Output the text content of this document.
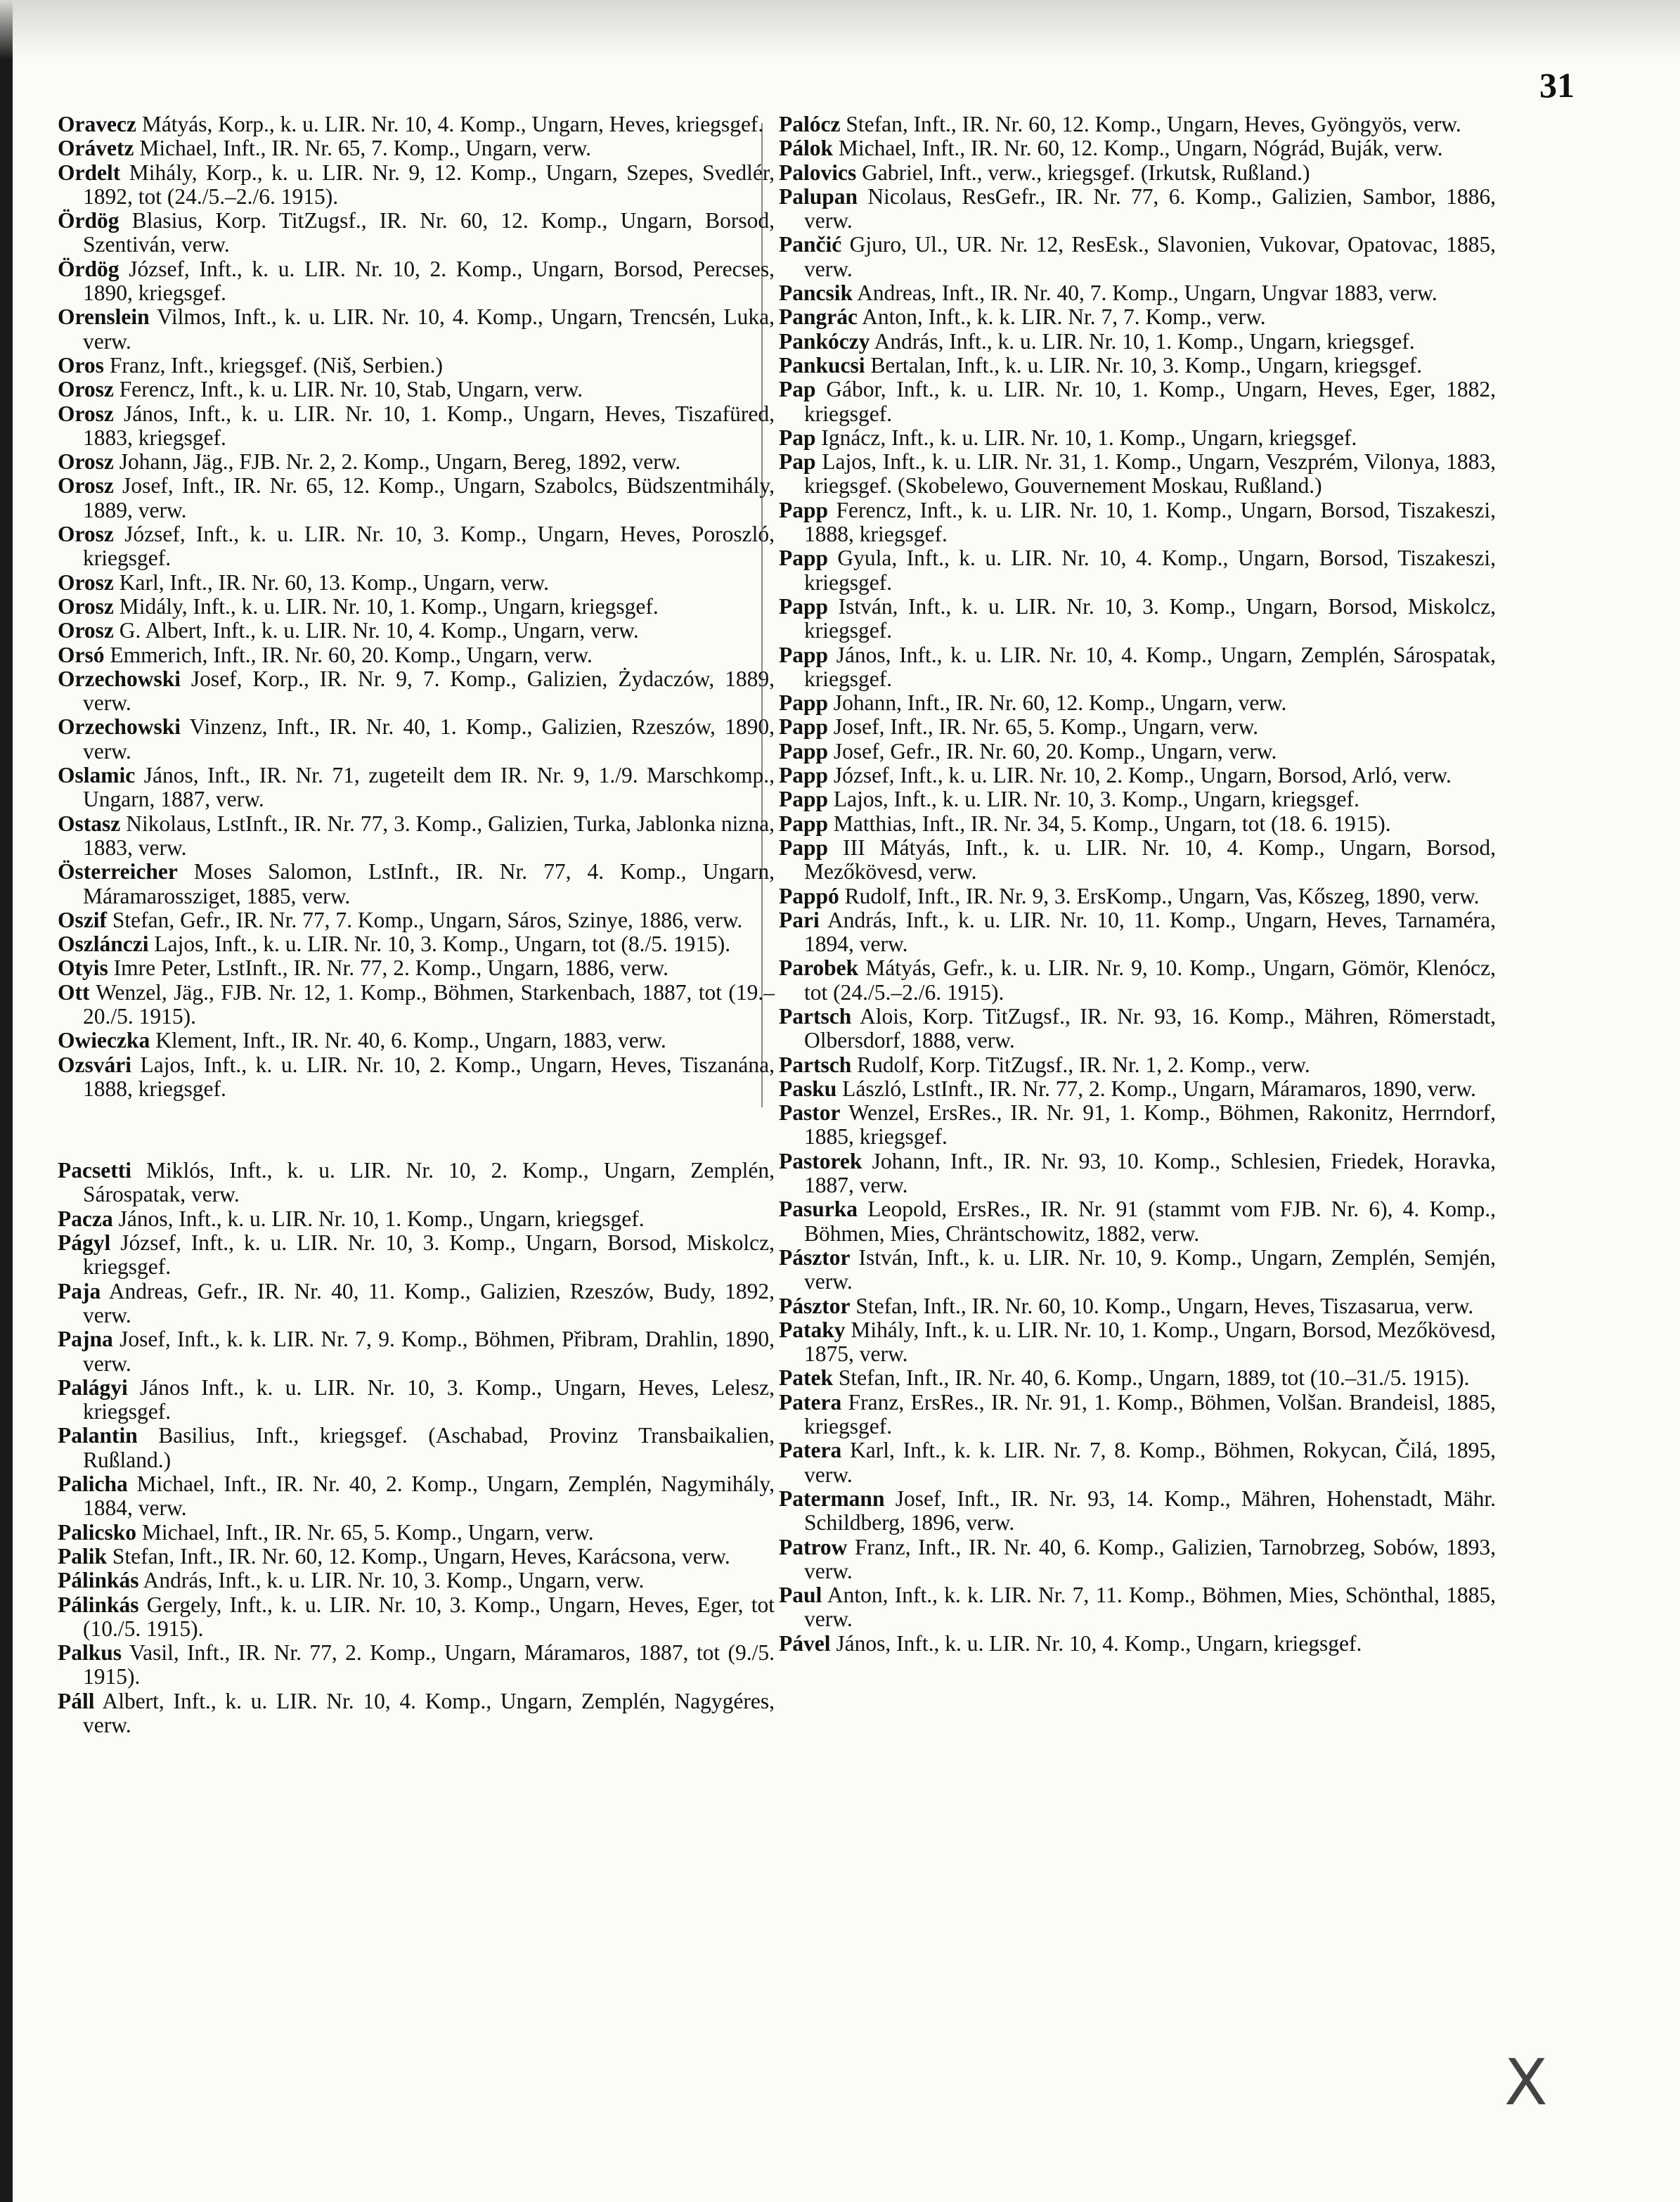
31
Oravecz Mátyás, Korp., k. u. LIR. Nr. 10, 4. Komp., Ungarn, Heves, kriegsgef.
Orávetz Michael, Inft., IR. Nr. 65, 7. Komp., Ungarn, verw.
Ordelt Mihály, Korp., k. u. LIR. Nr. 9, 12. Komp., Ungarn, Szepes, Svedlér, 1892, tot (24./5.–2./6. 1915).
Ördög Blasius, Korp. TitZugsf., IR. Nr. 60, 12. Komp., Ungarn, Borsod, Szentiván, verw.
Ördög József, Inft., k. u. LIR. Nr. 10, 2. Komp., Ungarn, Borsod, Perecses, 1890, kriegsgef.
Orenslein Vilmos, Inft., k. u. LIR. Nr. 10, 4. Komp., Ungarn, Trencsén, Luka, verw.
Oros Franz, Inft., kriegsgef. (Niš, Serbien.)
Orosz Ferencz, Inft., k. u. LIR. Nr. 10, Stab, Ungarn, verw.
Orosz János, Inft., k. u. LIR. Nr. 10, 1. Komp., Ungarn, Heves, Tiszafüred, 1883, kriegsgef.
Orosz Johann, Jäg., FJB. Nr. 2, 2. Komp., Ungarn, Bereg, 1892, verw.
Orosz Josef, Inft., IR. Nr. 65, 12. Komp., Ungarn, Szabolcs, Büdszentmihály, 1889, verw.
Orosz József, Inft., k. u. LIR. Nr. 10, 3. Komp., Ungarn, Heves, Poroszló, kriegsgef.
Orosz Karl, Inft., IR. Nr. 60, 13. Komp., Ungarn, verw.
Orosz Midály, Inft., k. u. LIR. Nr. 10, 1. Komp., Ungarn, kriegsgef.
Orosz G. Albert, Inft., k. u. LIR. Nr. 10, 4. Komp., Ungarn, verw.
Orsó Emmerich, Inft., IR. Nr. 60, 20. Komp., Ungarn, verw.
Orzechowski Josef, Korp., IR. Nr. 9, 7. Komp., Galizien, Żydaczów, 1889, verw.
Orzechowski Vinzenz, Inft., IR. Nr. 40, 1. Komp., Galizien, Rzeszów, 1890, verw.
Oslamic János, Inft., IR. Nr. 71, zugeteilt dem IR. Nr. 9, 1./9. Marschkomp., Ungarn, 1887, verw.
Ostasz Nikolaus, LstInft., IR. Nr. 77, 3. Komp., Galizien, Turka, Jablonka nizna, 1883, verw.
Österreicher Moses Salomon, LstInft., IR. Nr. 77, 4. Komp., Ungarn, Máramarossziget, 1885, verw.
Oszif Stefan, Gefr., IR. Nr. 77, 7. Komp., Ungarn, Sáros, Szinye, 1886, verw.
Oszlánczi Lajos, Inft., k. u. LIR. Nr. 10, 3. Komp., Ungarn, tot (8./5. 1915).
Otyis Imre Peter, LstInft., IR. Nr. 77, 2. Komp., Ungarn, 1886, verw.
Ott Wenzel, Jäg., FJB. Nr. 12, 1. Komp., Böhmen, Starkenbach, 1887, tot (19.–20./5. 1915).
Owieczka Klement, Inft., IR. Nr. 40, 6. Komp., Ungarn, 1883, verw.
Ozsvári Lajos, Inft., k. u. LIR. Nr. 10, 2. Komp., Ungarn, Heves, Tiszanána, 1888, kriegsgef.
Pacsetti Miklós, Inft., k. u. LIR. Nr. 10, 2. Komp., Ungarn, Zemplén, Sárospatak, verw.
Pacza János, Inft., k. u. LIR. Nr. 10, 1. Komp., Ungarn, kriegsgef.
Págyl József, Inft., k. u. LIR. Nr. 10, 3. Komp., Ungarn, Borsod, Miskolcz, kriegsgef.
Paja Andreas, Gefr., IR. Nr. 40, 11. Komp., Galizien, Rzeszów, Budy, 1892, verw.
Pajna Josef, Inft., k. k. LIR. Nr. 7, 9. Komp., Böhmen, Přibram, Drahlin, 1890, verw.
Palágyi János Inft., k. u. LIR. Nr. 10, 3. Komp., Ungarn, Heves, Lelesz, kriegsgef.
Palantin Basilius, Inft., kriegsgef. (Aschabad, Provinz Transbaikalien, Rußland.)
Palicha Michael, Inft., IR. Nr. 40, 2. Komp., Ungarn, Zemplén, Nagymihály, 1884, verw.
Palicsko Michael, Inft., IR. Nr. 65, 5. Komp., Ungarn, verw.
Palik Stefan, Inft., IR. Nr. 60, 12. Komp., Ungarn, Heves, Karácsona, verw.
Pálinkás András, Inft., k. u. LIR. Nr. 10, 3. Komp., Ungarn, verw.
Pálinkás Gergely, Inft., k. u. LIR. Nr. 10, 3. Komp., Ungarn, Heves, Eger, tot (10./5. 1915).
Palkus Vasil, Inft., IR. Nr. 77, 2. Komp., Ungarn, Máramaros, 1887, tot (9./5. 1915).
Páll Albert, Inft., k. u. LIR. Nr. 10, 4. Komp., Ungarn, Zemplén, Nagygéres, verw.
Palócz Stefan, Inft., IR. Nr. 60, 12. Komp., Ungarn, Heves, Gyöngyös, verw.
Pálok Michael, Inft., IR. Nr. 60, 12. Komp., Ungarn, Nógrád, Buják, verw.
Palovics Gabriel, Inft., verw., kriegsgef. (Irkutsk, Rußland.)
Palupan Nicolaus, ResGefr., IR. Nr. 77, 6. Komp., Galizien, Sambor, 1886, verw.
Pančić Gjuro, Ul., UR. Nr. 12, ResEsk., Slavonien, Vukovar, Opatovac, 1885, verw.
Pancsik Andreas, Inft., IR. Nr. 40, 7. Komp., Ungarn, Ungvar 1883, verw.
Pangrác Anton, Inft., k. k. LIR. Nr. 7, 7. Komp., verw.
Pankóczy András, Inft., k. u. LIR. Nr. 10, 1. Komp., Ungarn, kriegsgef.
Pankucsi Bertalan, Inft., k. u. LIR. Nr. 10, 3. Komp., Ungarn, kriegsgef.
Pap Gábor, Inft., k. u. LIR. Nr. 10, 1. Komp., Ungarn, Heves, Eger, 1882, kriegsgef.
Pap Ignácz, Inft., k. u. LIR. Nr. 10, 1. Komp., Ungarn, kriegsgef.
Pap Lajos, Inft., k. u. LIR. Nr. 31, 1. Komp., Ungarn, Veszprém, Vilonya, 1883, kriegsgef. (Skobelewo, Gouvernement Moskau, Rußland.)
Papp Ferencz, Inft., k. u. LIR. Nr. 10, 1. Komp., Ungarn, Borsod, Tiszakeszi, 1888, kriegsgef.
Papp Gyula, Inft., k. u. LIR. Nr. 10, 4. Komp., Ungarn, Borsod, Tiszakeszi, kriegsgef.
Papp István, Inft., k. u. LIR. Nr. 10, 3. Komp., Ungarn, Borsod, Miskolcz, kriegsgef.
Papp János, Inft., k. u. LIR. Nr. 10, 4. Komp., Ungarn, Zemplén, Sárospatak, kriegsgef.
Papp Johann, Inft., IR. Nr. 60, 12. Komp., Ungarn, verw.
Papp Josef, Inft., IR. Nr. 65, 5. Komp., Ungarn, verw.
Papp Josef, Gefr., IR. Nr. 60, 20. Komp., Ungarn, verw.
Papp József, Inft., k. u. LIR. Nr. 10, 2. Komp., Ungarn, Borsod, Arló, verw.
Papp Lajos, Inft., k. u. LIR. Nr. 10, 3. Komp., Ungarn, kriegsgef.
Papp Matthias, Inft., IR. Nr. 34, 5. Komp., Ungarn, tot (18. 6. 1915).
Papp III Mátyás, Inft., k. u. LIR. Nr. 10, 4. Komp., Ungarn, Borsod, Mezőkövesd, verw.
Pappó Rudolf, Inft., IR. Nr. 9, 3. ErsKomp., Ungarn, Vas, Kőszeg, 1890, verw.
Pari András, Inft., k. u. LIR. Nr. 10, 11. Komp., Ungarn, Heves, Tarnaméra, 1894, verw.
Parobek Mátyás, Gefr., k. u. LIR. Nr. 9, 10. Komp., Ungarn, Gömör, Klenócz, tot (24./5.–2./6. 1915).
Partsch Alois, Korp. TitZugsf., IR. Nr. 93, 16. Komp., Mähren, Römerstadt, Olbersdorf, 1888, verw.
Partsch Rudolf, Korp. TitZugsf., IR. Nr. 1, 2. Komp., verw.
Pasku László, LstInft., IR. Nr. 77, 2. Komp., Ungarn, Máramaros, 1890, verw.
Pastor Wenzel, ErsRes., IR. Nr. 91, 1. Komp., Böhmen, Rakonitz, Herrndorf, 1885, kriegsgef.
Pastorek Johann, Inft., IR. Nr. 93, 10. Komp., Schlesien, Friedek, Horavka, 1887, verw.
Pasurka Leopold, ErsRes., IR. Nr. 91 (stammt vom FJB. Nr. 6), 4. Komp., Böhmen, Mies, Chräntschowitz, 1882, verw.
Pásztor István, Inft., k. u. LIR. Nr. 10, 9. Komp., Ungarn, Zemplén, Semjén, verw.
Pásztor Stefan, Inft., IR. Nr. 60, 10. Komp., Ungarn, Heves, Tiszasarua, verw.
Pataky Mihály, Inft., k. u. LIR. Nr. 10, 1. Komp., Ungarn, Borsod, Mezőkövesd, 1875, verw.
Patek Stefan, Inft., IR. Nr. 40, 6. Komp., Ungarn, 1889, tot (10.–31./5. 1915).
Patera Franz, ErsRes., IR. Nr. 91, 1. Komp., Böhmen, Volšan. Brandeisl, 1885, kriegsgef.
Patera Karl, Inft., k. k. LIR. Nr. 7, 8. Komp., Böhmen, Rokycan, Čilá, 1895, verw.
Patermann Josef, Inft., IR. Nr. 93, 14. Komp., Mähren, Hohenstadt, Mähr. Schildberg, 1896, verw.
Patrow Franz, Inft., IR. Nr. 40, 6. Komp., Galizien, Tarnobrzeg, Sobów, 1893, verw.
Paul Anton, Inft., k. k. LIR. Nr. 7, 11. Komp., Böhmen, Mies, Schönthal, 1885, verw.
Pável János, Inft., k. u. LIR. Nr. 10, 4. Komp., Ungarn, kriegsgef.
X
